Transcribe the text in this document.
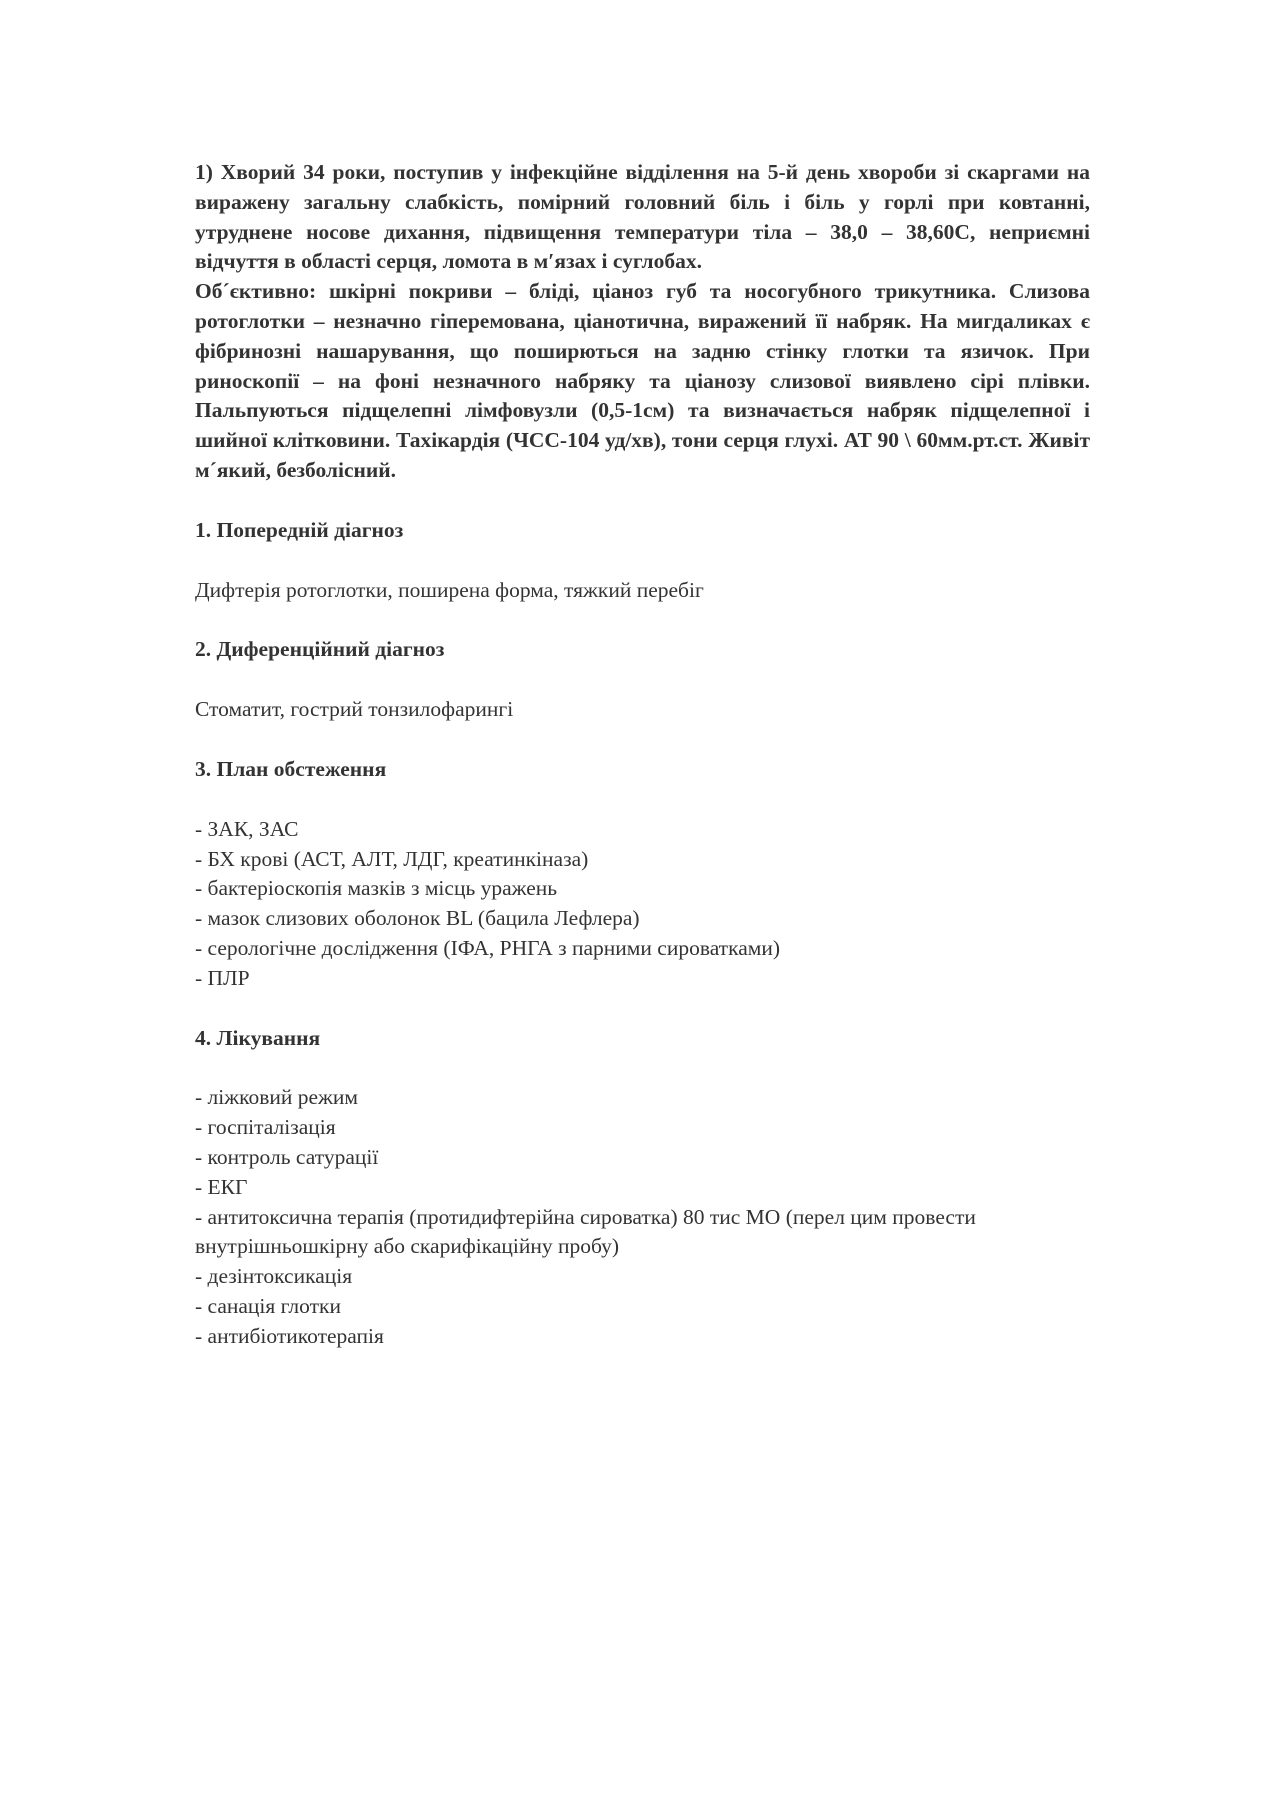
1) Хворий 34 роки, поступив у інфекційне відділення на 5-й день хвороби зі скаргами на виражену загальну слабкість, помірний головний біль і біль у горлі при ковтанні, утруднене носове дихання, підвищення температури тіла – 38,0 – 38,60С, неприємні відчуття в області серця, ломота в мʹязах і суглобах.

Об´єктивно: шкірні покриви – бліді, ціаноз губ та носогубного трикутника. Слизова ротоглотки – незначно гіперемована, ціанотична, виражений її набряк. На мигдаликах є фібринозні нашарування, що поширються на задню стінку глотки та язичок. При риноскопії – на фоні незначного набряку та ціанозу слизової виявлено сірі плівки. Пальпуються підщелепні лімфовузли (0,5-1см) та визначається набряк підщелепної і шийної клітковини. Тахікардія (ЧСС-104 уд/хв), тони серця глухі. АТ 90 \ 60мм.рт.ст. Живіт м´який, безболісний.

1. Попередній діагноз
Дифтерія ротоглотки, поширена форма, тяжкий перебіг
2. Диференційний діагноз
Стоматит, гострий тонзилофарингі
3. План обстеження
- ЗАК, ЗАС
- БХ крові (АСТ, АЛТ, ЛДГ, креатинкіназа)
- бактеріоскопія мазків з місць уражень
- мазок слизових оболонок BL (бацила Лефлера)
- серологічне дослідження (ІФА, РНГА з парними сироватками)
- ПЛР
4. Лікування
- ліжковий режим
- госпіталізація
- контроль сатурації
- ЕКГ
- антитоксична терапія (протидифтерійна сироватка) 80 тис МО (перел цим провести внутрішньошкірну або скарифікаційну пробу)
- дезінтоксикація
- санація глотки
- антибіотикотерапія
